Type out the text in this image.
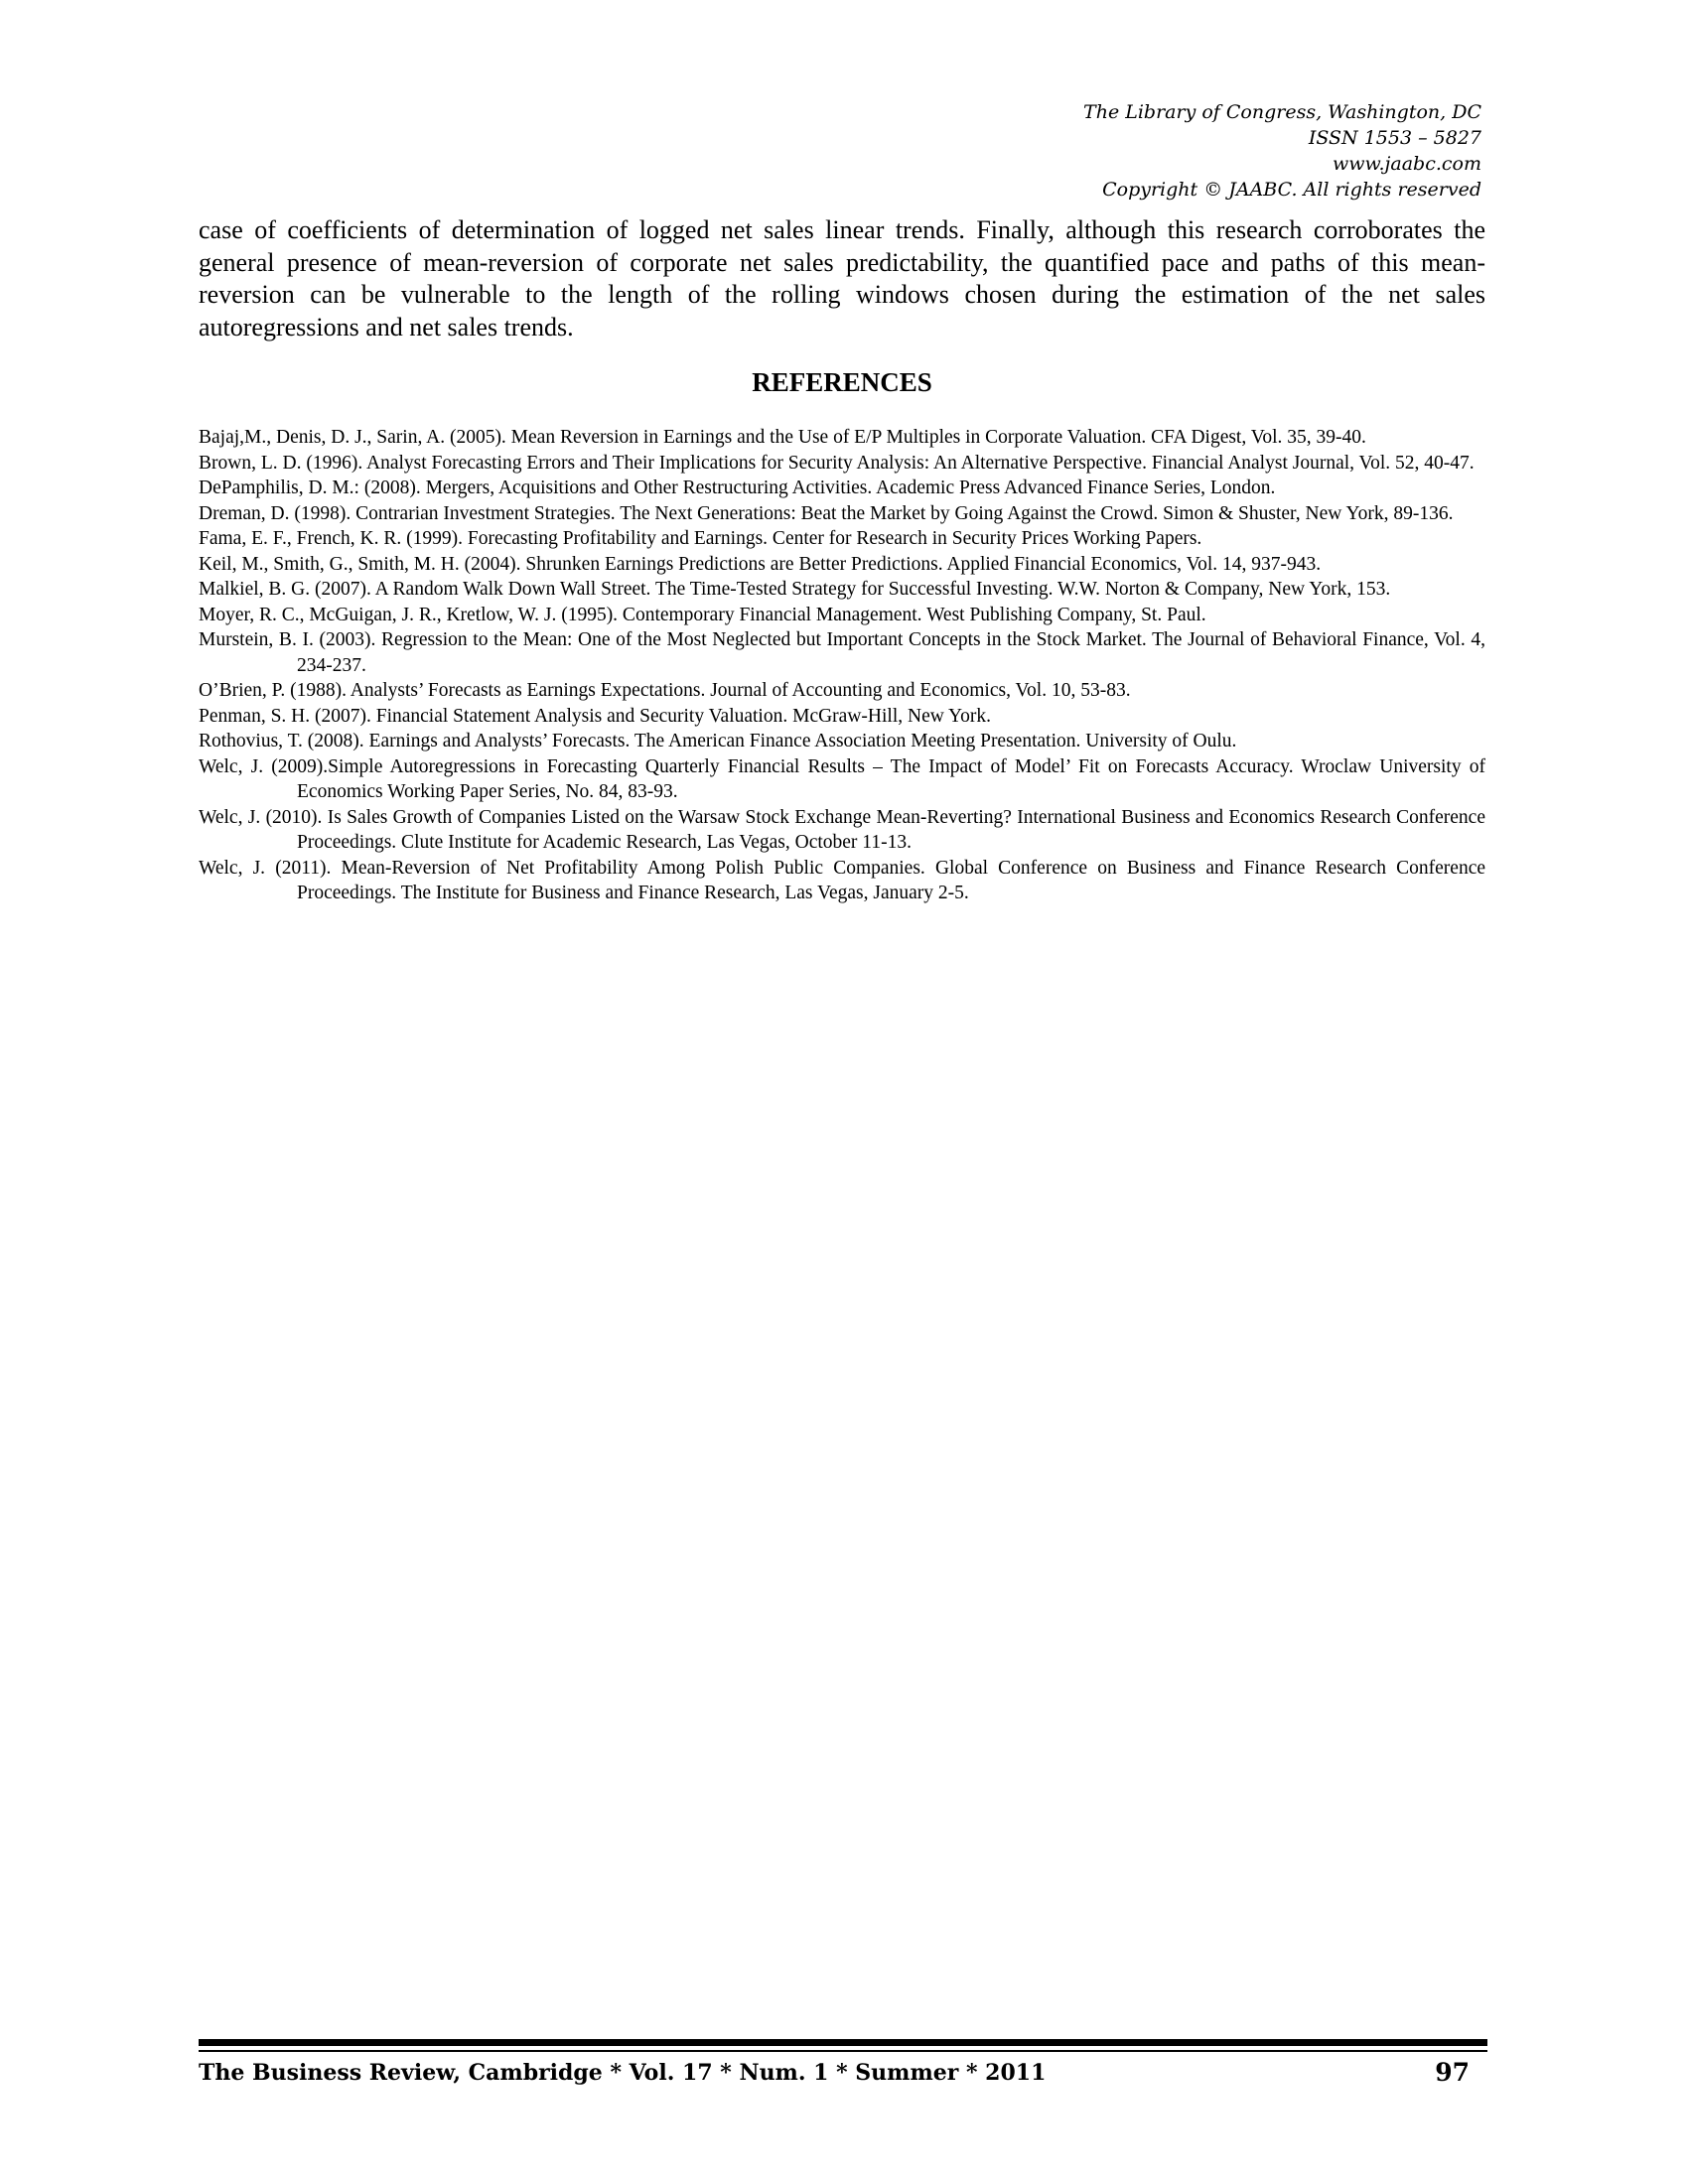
The Library of Congress, Washington, DC
ISSN 1553 – 5827
www.jaabc.com
Copyright © JAABC. All rights reserved

case of coefficients of determination of logged net sales linear trends. Finally, although this research corroborates the general presence of mean-reversion of corporate net sales predictability, the quantified pace and paths of this mean-reversion can be vulnerable to the length of the rolling windows chosen during the estimation of the net sales autoregressions and net sales trends.

REFERENCES
Bajaj,M., Denis, D. J., Sarin, A. (2005). Mean Reversion in Earnings and the Use of E/P Multiples in Corporate Valuation. CFA Digest, Vol. 35, 39-40.
Brown, L. D. (1996). Analyst Forecasting Errors and Their Implications for Security Analysis: An Alternative Perspective. Financial Analyst Journal, Vol. 52, 40-47.
DePamphilis, D. M.: (2008). Mergers, Acquisitions and Other Restructuring Activities. Academic Press Advanced Finance Series, London.
Dreman, D. (1998). Contrarian Investment Strategies. The Next Generations: Beat the Market by Going Against the Crowd. Simon & Shuster, New York, 89-136.
Fama, E. F., French, K. R. (1999). Forecasting Profitability and Earnings. Center for Research in Security Prices Working Papers.
Keil, M., Smith, G., Smith, M. H. (2004). Shrunken Earnings Predictions are Better Predictions. Applied Financial Economics, Vol. 14, 937-943.
Malkiel, B. G. (2007). A Random Walk Down Wall Street. The Time-Tested Strategy for Successful Investing. W.W. Norton & Company, New York, 153.
Moyer, R. C., McGuigan, J. R., Kretlow, W. J. (1995). Contemporary Financial Management. West Publishing Company, St. Paul.
Murstein, B. I. (2003). Regression to the Mean: One of the Most Neglected but Important Concepts in the Stock Market. The Journal of Behavioral Finance, Vol. 4, 234-237.
O’Brien, P. (1988). Analysts’ Forecasts as Earnings Expectations. Journal of Accounting and Economics, Vol. 10, 53-83.
Penman, S. H. (2007). Financial Statement Analysis and Security Valuation. McGraw-Hill, New York.
Rothovius, T. (2008). Earnings and Analysts’ Forecasts. The American Finance Association Meeting Presentation. University of Oulu.
Welc, J. (2009).Simple Autoregressions in Forecasting Quarterly Financial Results – The Impact of Model’ Fit on Forecasts Accuracy. Wroclaw University of Economics Working Paper Series, No. 84, 83-93.
Welc, J. (2010). Is Sales Growth of Companies Listed on the Warsaw Stock Exchange Mean-Reverting? International Business and Economics Research Conference Proceedings. Clute Institute for Academic Research, Las Vegas, October 11-13.
Welc, J. (2011). Mean-Reversion of Net Profitability Among Polish Public Companies. Global Conference on Business and Finance Research Conference Proceedings. The Institute for Business and Finance Research, Las Vegas, January 2-5.
The Business Review, Cambridge * Vol. 17 * Num. 1 * Summer * 2011	97
